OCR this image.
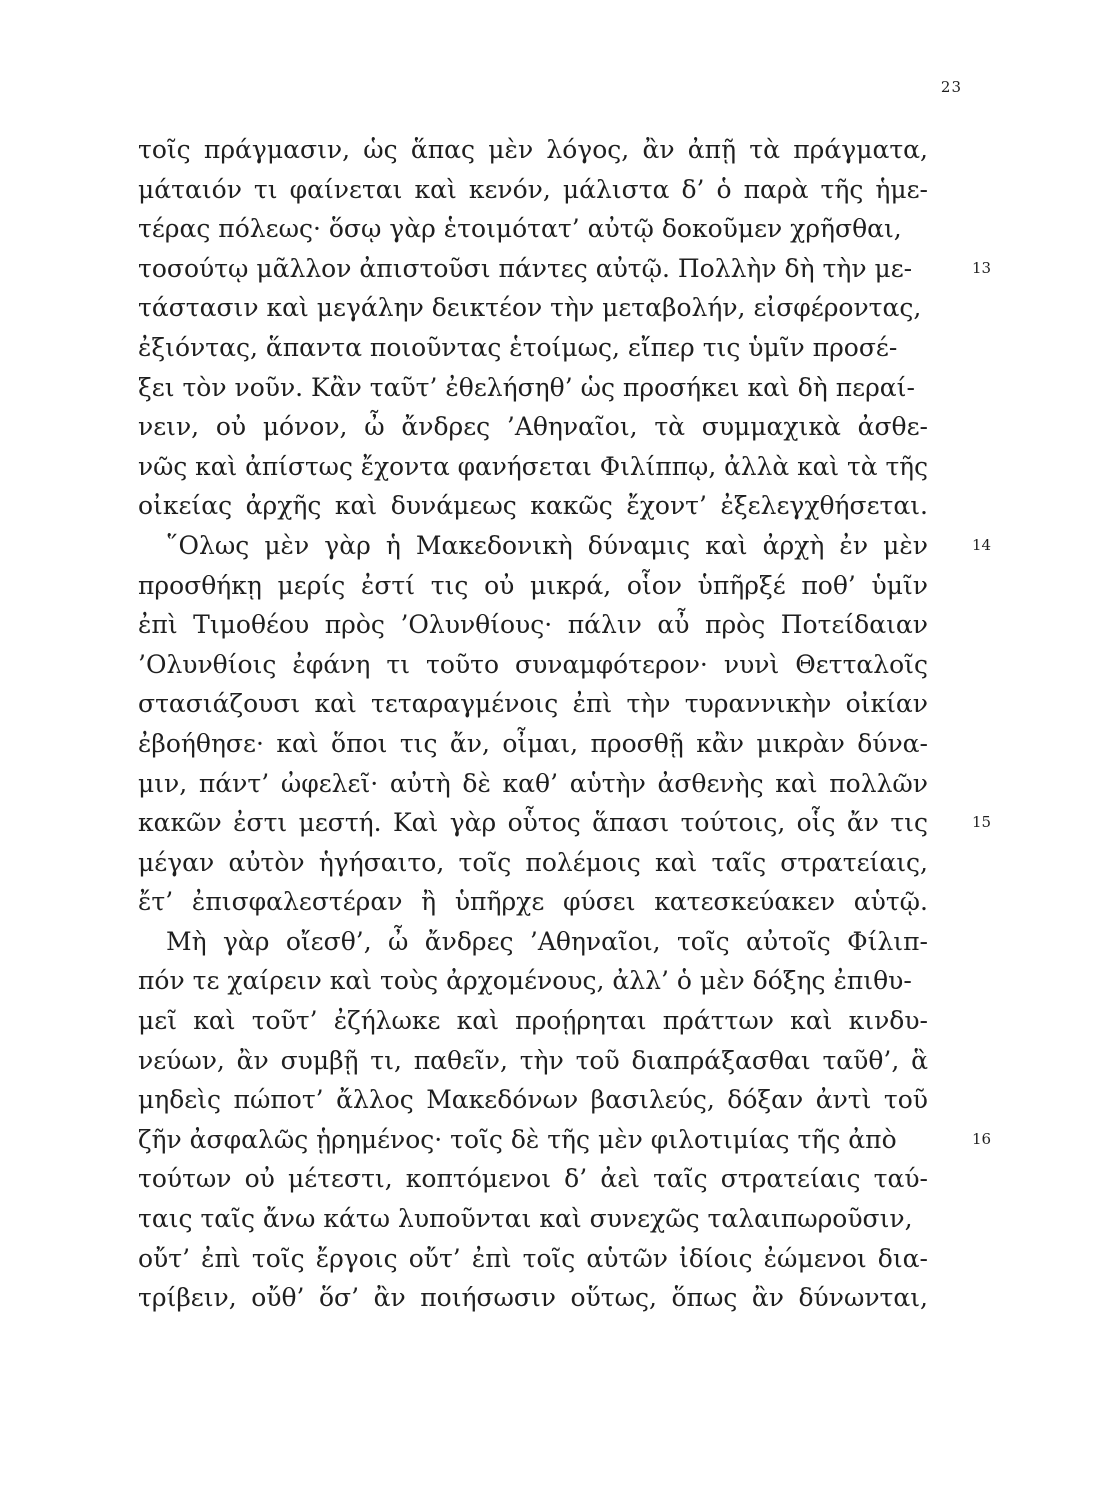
23
τοῖς πράγμασιν, ὡς ἅπας μὲν λόγος, ἂν ἀπῇ τὰ πράγματα,
μάταιόν τι φαίνεται καὶ κενόν, μάλιστα δ’ ὁ παρὰ τῆς ἡμε-
τέρας πόλεως· ὅσῳ γὰρ ἑτοιμότατ’ αὐτῷ δοκοῦμεν χρῆσθαι,
τοσούτῳ μᾶλλον ἀπιστοῦσι πάντες αὐτῷ. Πολλὴν δὴ τὴν με-	13
τάστασιν καὶ μεγάλην δεικτέον τὴν μεταβολήν, εἰσφέροντας,
ἐξιόντας, ἅπαντα ποιοῦντας ἑτοίμως, εἴπερ τις ὑμῖν προσέ-
ξει τὸν νοῦν. Κἂν ταῦτ’ ἐθελήσηθ’ ὡς προσήκει καὶ δὴ περαί-
νειν, οὐ μόνον, ὦ ἄνδρες ’Αθηναῖοι, τὰ συμμαχικὰ ἀσθε-
νῶς καὶ ἀπίστως ἔχοντα φανήσεται Φιλίππῳ, ἀλλὰ καὶ τὰ τῆς
οἰκείας ἀρχῆς καὶ δυνάμεως κακῶς ἔχοντ’ ἐξελεγχθήσεται.
῞Ολως μὲν γὰρ ἡ Μακεδονικὴ δύναμις καὶ ἀρχὴ ἐν μὲν	14
προσθήκῃ μερίς ἐστί τις οὐ μικρά, οἷον ὑπῆρξέ ποθ’ ὑμῖν
ἐπὶ Τιμοθέου πρὸς ’Ολυνθίους· πάλιν αὖ πρὸς Ποτείδαιαν
’Ολυνθίοις ἐφάνη τι τοῦτο συναμφότερον· νυνὶ Θετταλοῖς
στασιάζουσι καὶ τεταραγμένοις ἐπὶ τὴν τυραννικὴν οἰκίαν
ἐβοήθησε· καὶ ὅποι τις ἄν, οἶμαι, προσθῇ κἂν μικρὰν δύνα-
μιν, πάντ’ ὠφελεῖ· αὐτὴ δὲ καθ’ αὑτὴν ἀσθενὴς καὶ πολλῶν
κακῶν ἐστι μεστή. Καὶ γὰρ οὗτος ἅπασι τούτοις, οἷς ἄν τις	15
μέγαν αὐτὸν ἡγήσαιτο, τοῖς πολέμοις καὶ ταῖς στρατείαις,
ἔτ’ ἐπισφαλεστέραν ἢ ὑπῆρχε φύσει κατεσκεύακεν αὑτῷ.
Μὴ γὰρ οἴεσθ’, ὦ ἄνδρες ’Αθηναῖοι, τοῖς αὐτοῖς Φίλιπ-
πόν τε χαίρειν καὶ τοὺς ἀρχομένους, ἀλλ’ ὁ μὲν δόξης ἐπιθυ-
μεῖ καὶ τοῦτ’ ἐζήλωκε καὶ προῄρηται πράττων καὶ κινδυ-
νεύων, ἂν συμβῇ τι, παθεῖν, τὴν τοῦ διαπράξασθαι ταῦθ’, ἃ
μηδεὶς πώποτ’ ἄλλος Μακεδόνων βασιλεύς, δόξαν ἀντὶ τοῦ
ζῆν ἀσφαλῶς ᾑρημένος· τοῖς δὲ τῆς μὲν φιλοτιμίας τῆς ἀπὸ	16
τούτων οὐ μέτεστι, κοπτόμενοι δ’ ἀεὶ ταῖς στρατείαις ταύ-
ταις ταῖς ἄνω κάτω λυποῦνται καὶ συνεχῶς ταλαιπωροῦσιν,
οὔτ’ ἐπὶ τοῖς ἔργοις οὔτ’ ἐπὶ τοῖς αὑτῶν ἰδίοις ἐώμενοι δια-
τρίβειν, οὔθ’ ὅσ’ ἂν ποιήσωσιν οὕτως, ὅπως ἂν δύνωνται,
